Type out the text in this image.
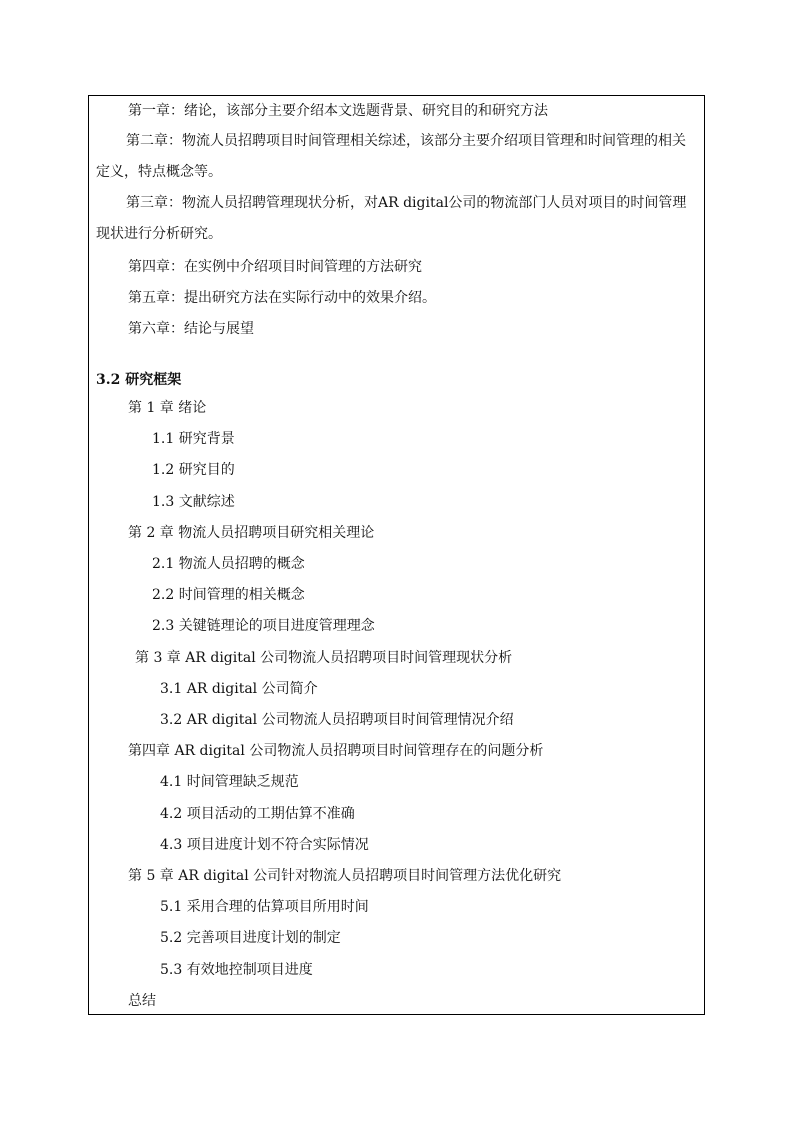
第一章：绪论，该部分主要介绍本文选题背景、研究目的和研究方法
第二章：物流人员招聘项目时间管理相关综述，该部分主要介绍项目管理和时间管理的相关定义，特点概念等。
第三章：物流人员招聘管理现状分析，对AR digital公司的物流部门人员对项目的时间管理现状进行分析研究。
第四章：在实例中介绍项目时间管理的方法研究
第五章：提出研究方法在实际行动中的效果介绍。
第六章：结论与展望
3.2 研究框架
第 1 章 绪论
1.1 研究背景
1.2 研究目的
1.3 文献综述
第 2 章 物流人员招聘项目研究相关理论
2.1 物流人员招聘的概念
2.2 时间管理的相关概念
2.3 关键链理论的项目进度管理理念
第 3 章 AR digital 公司物流人员招聘项目时间管理现状分析
3.1 AR digital 公司简介
3.2 AR digital 公司物流人员招聘项目时间管理情况介绍
第四章 AR digital 公司物流人员招聘项目时间管理存在的问题分析
4.1 时间管理缺乏规范
4.2 项目活动的工期估算不准确
4.3 项目进度计划不符合实际情况
第 5 章 AR digital 公司针对物流人员招聘项目时间管理方法优化研究
5.1 采用合理的估算项目所用时间
5.2 完善项目进度计划的制定
5.3 有效地控制项目进度
总结
